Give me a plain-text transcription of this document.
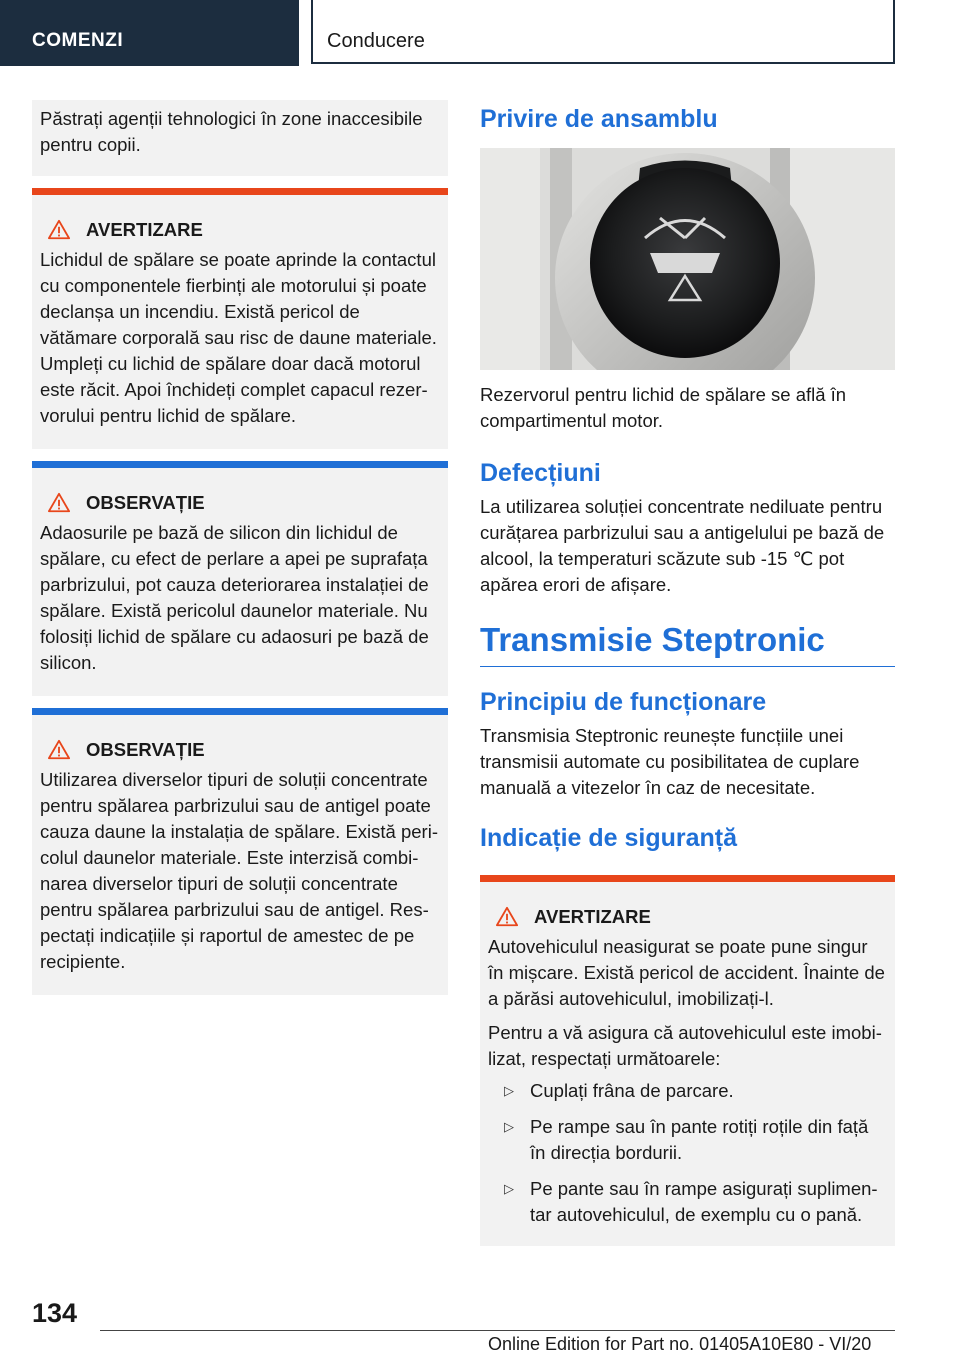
COMENZI	Conducere

Păstrați agenții tehnologici în zone inaccesibile pentru copii.

AVERTIZARE

Lichidul de spălare se poate aprinde la contactul cu componentele fierbinți ale motorului și poate declanșa un incendiu. Există pericol de vătămare corporală sau risc de daune materiale. Umpleți cu lichid de spălare doar dacă motorul este răcit. Apoi închideți complet capacul rezervorului pentru lichid de spălare.

OBSERVAȚIE

Adaosurile pe bază de silicon din lichidul de spălare, cu efect de perlare a apei pe suprafața parbrizului, pot cauza deteriorarea instalației de spălare. Există pericolul daunelor materiale. Nu folosiți lichid de spălare cu adaosuri pe bază de silicon.

OBSERVAȚIE

Utilizarea diverselor tipuri de soluții concentrate pentru spălarea parbrizului sau de antigel poate cauza daune la instalația de spălare. Există pericolul daunelor materiale. Este interzisă combinarea diverselor tipuri de soluții concentrate pentru spălarea parbrizului sau de antigel. Respectați indicațiile și raportul de amestec de pe recipiente.

Privire de ansamblu

Rezervorul pentru lichid de spălare se află în compartimentul motor.

Defecțiuni

La utilizarea soluției concentrate nediluate pentru curățarea parbrizului sau a antigelului pe bază de alcool, la temperaturi scăzute sub -15 ℃ pot apărea erori de afișare.

Transmisie Steptronic
Principiu de funcționare

Transmisia Steptronic reunește funcțiile unei transmisii automate cu posibilitatea de cuplare manuală a vitezelor în caz de necesitate.

Indicație de siguranță
AVERTIZARE

Autovehiculul neasigurat se poate pune singur în mișcare. Există pericol de accident. Înainte de a părăsi autovehiculul, imobilizați-l.

Pentru a vă asigura că autovehiculul este imobilizat, respectați următoarele:

▷ Cuplați frâna de parcare.
▷ Pe rampe sau în pante rotiți roțile din față în direcția bordurii.
▷ Pe pante sau în rampe asigurați suplimentar autovehiculul, de exemplu cu o pană.
134
Online Edition for Part no. 01405A10E80 - VI/20
